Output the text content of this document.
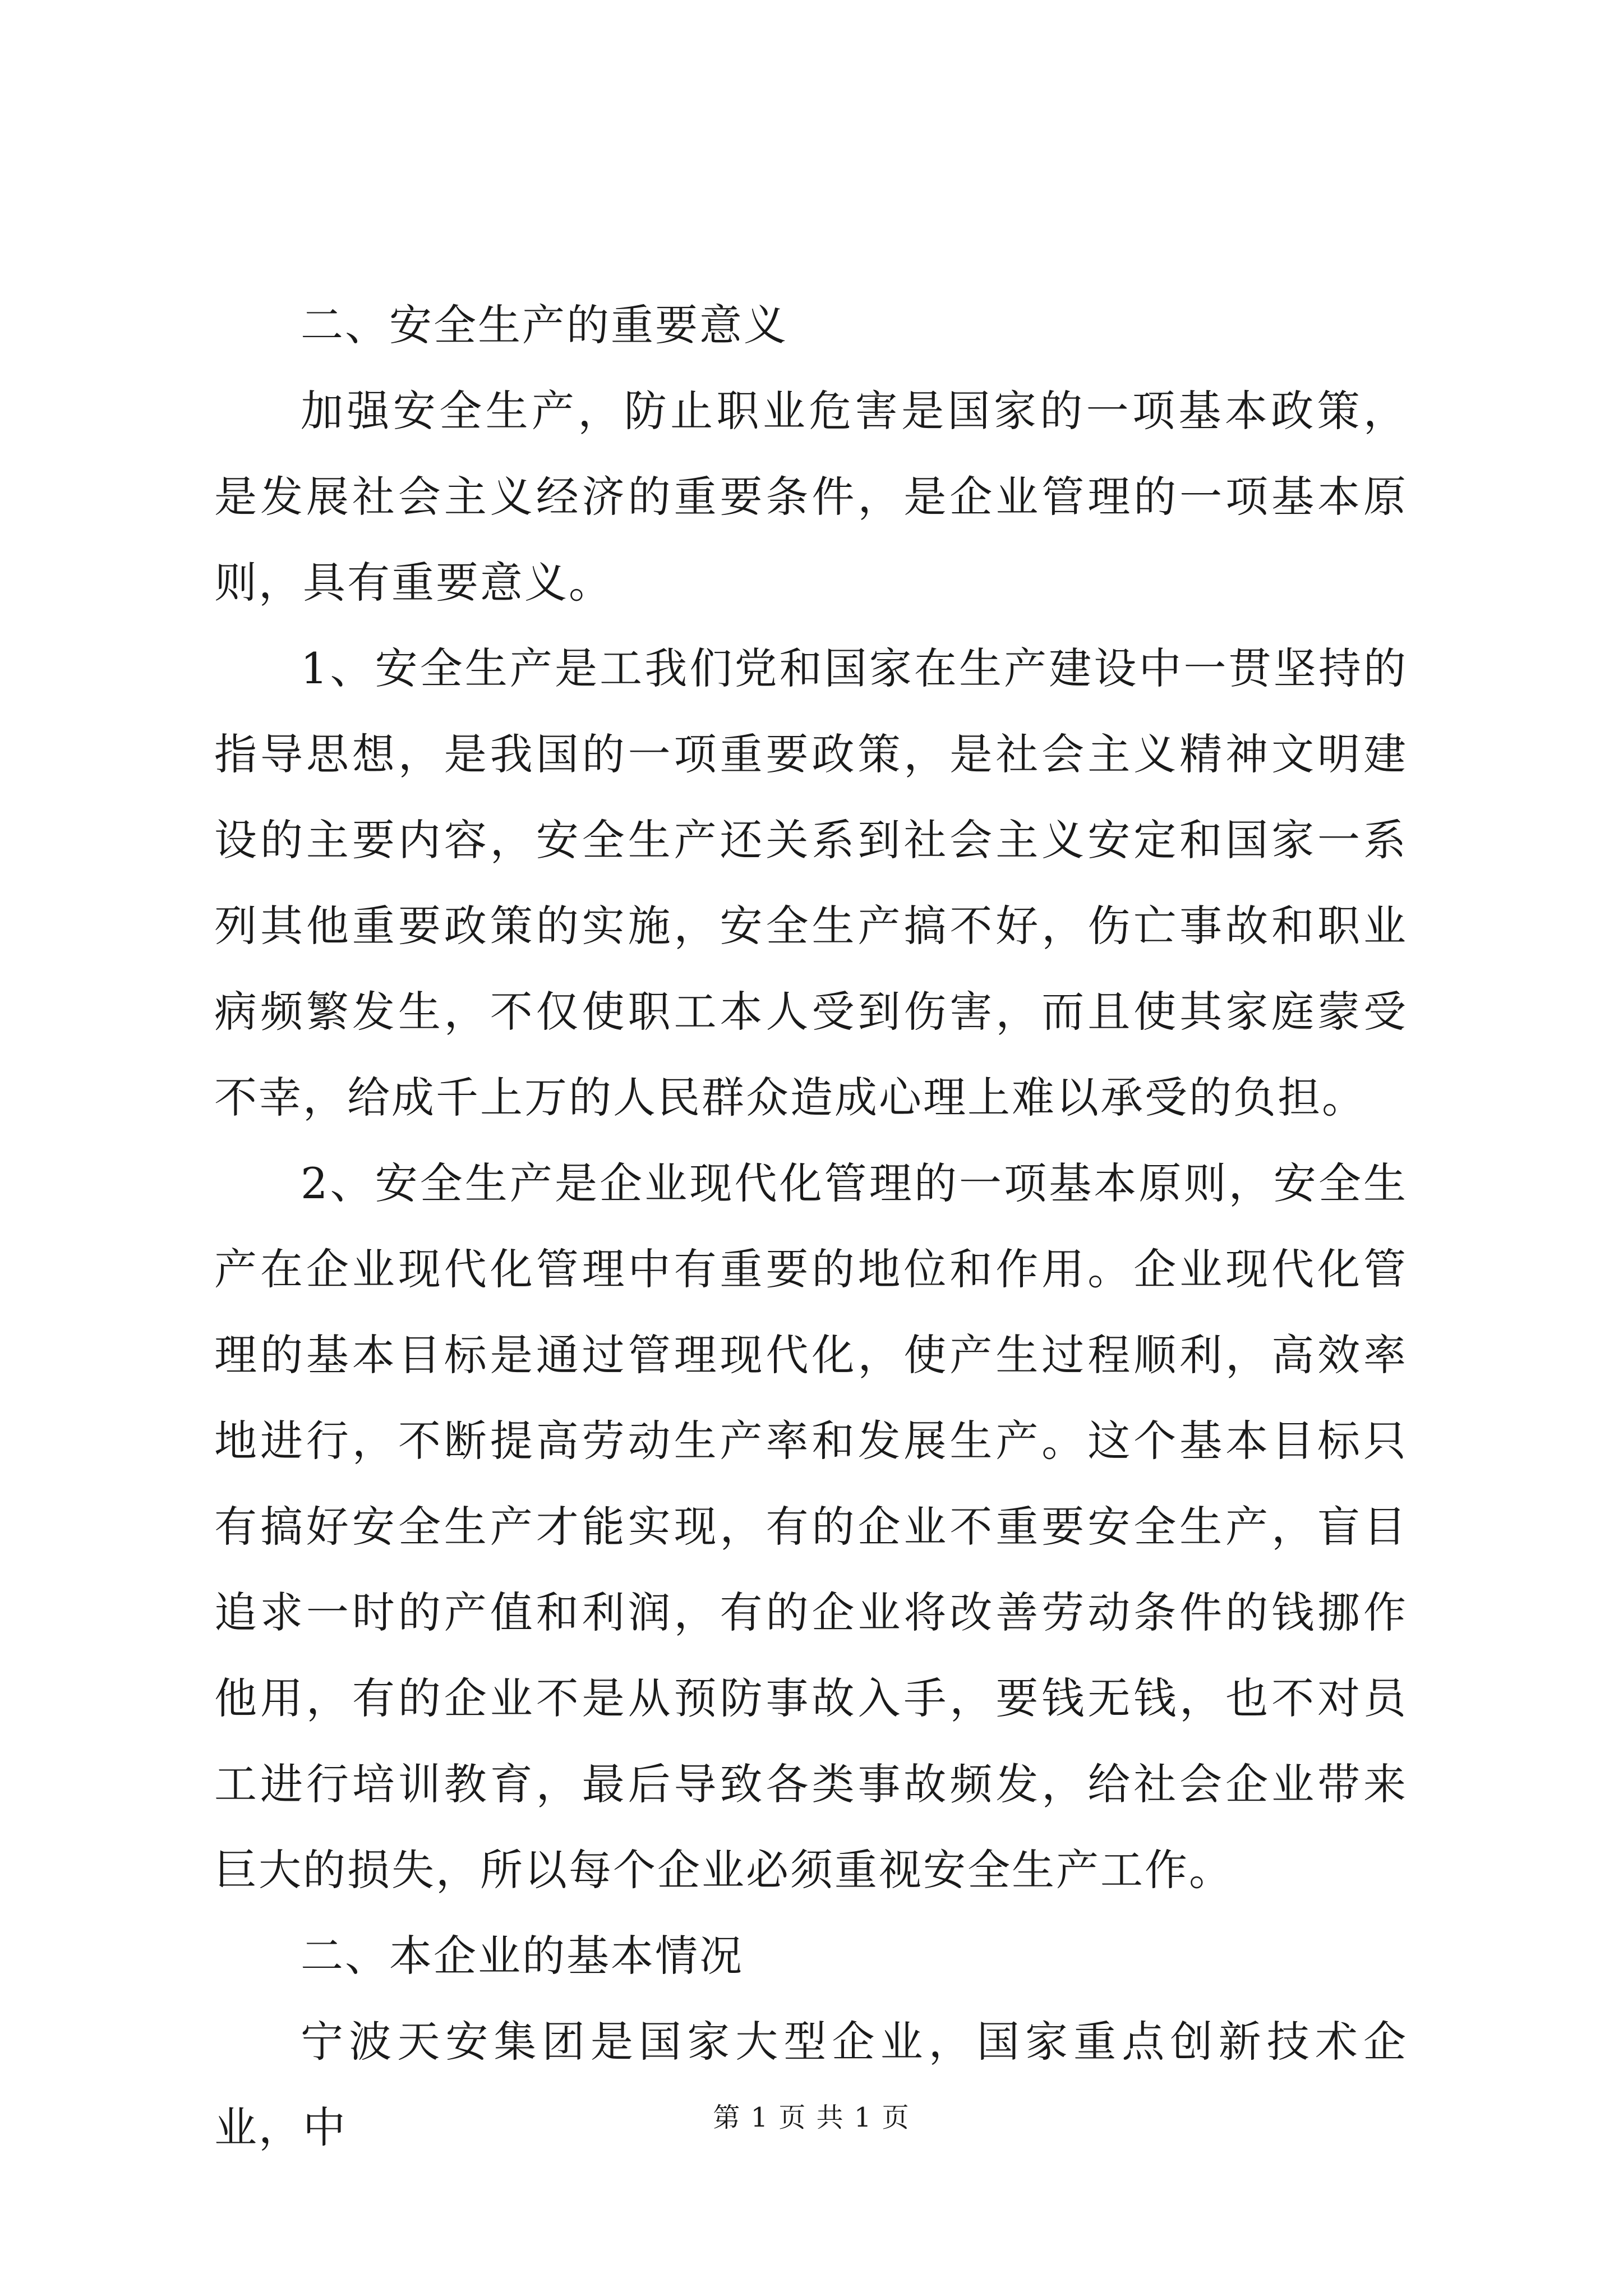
二、安全生产的重要意义

加强安全生产，防止职业危害是国家的一项基本政策，是发展社会主义经济的重要条件，是企业管理的一项基本原则，具有重要意义。

1、安全生产是工我们党和国家在生产建设中一贯坚持的指导思想，是我国的一项重要政策，是社会主义精神文明建设的主要内容，安全生产还关系到社会主义安定和国家一系列其他重要政策的实施，安全生产搞不好，伤亡事故和职业病频繁发生，不仅使职工本人受到伤害，而且使其家庭蒙受不幸，给成千上万的人民群众造成心理上难以承受的负担。

2、安全生产是企业现代化管理的一项基本原则，安全生产在企业现代化管理中有重要的地位和作用。企业现代化管理的基本目标是通过管理现代化，使产生过程顺利，高效率地进行，不断提高劳动生产率和发展生产。这个基本目标只有搞好安全生产才能实现，有的企业不重要安全生产，盲目追求一时的产值和利润，有的企业将改善劳动条件的钱挪作他用，有的企业不是从预防事故入手，要钱无钱，也不对员工进行培训教育，最后导致各类事故频发，给社会企业带来巨大的损失，所以每个企业必须重视安全生产工作。

二、本企业的基本情况

宁波天安集团是国家大型企业，国家重点创新技术企业，中	第 1 页 共 1 页
